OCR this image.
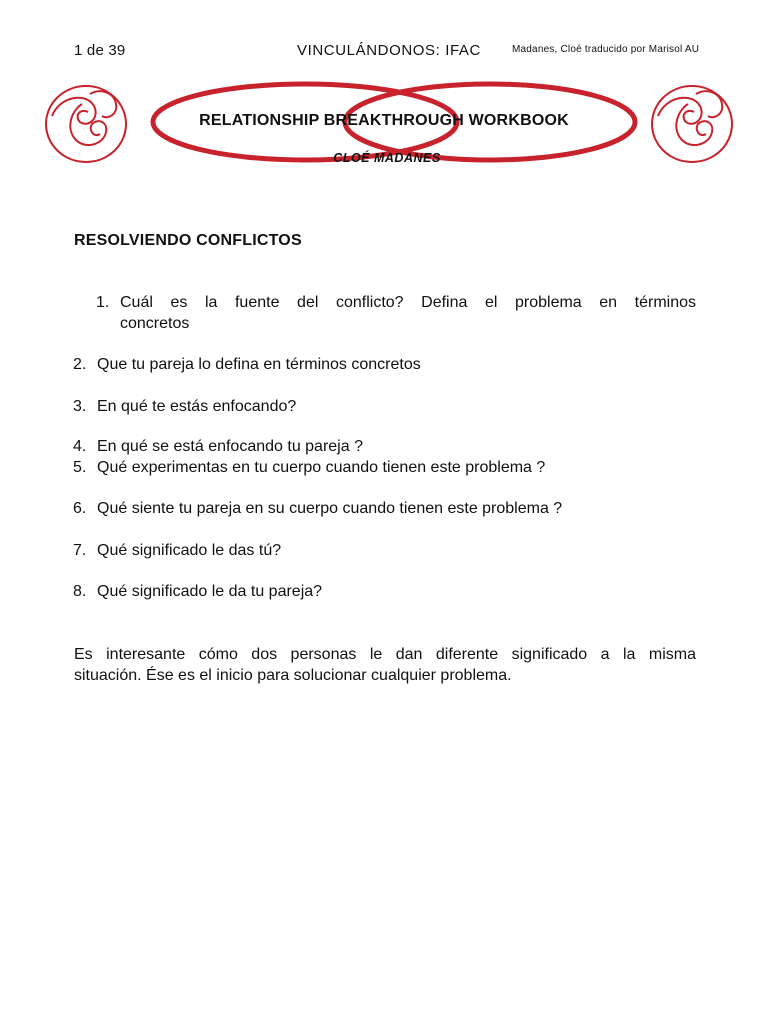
1 de 39	VINCULÁNDONOS: IFAC	Madanes, Cloé traducido por Marisol AU
RELATIONSHIP BREAKTHROUGH WORKBOOK
CLOÉ MADANES
RESOLVIENDO CONFLICTOS
1. Cuál es la fuente del conflicto? Defina el problema en términos
concretos
2. Que tu pareja lo defina en términos concretos
3. En qué te estás enfocando?
4. En qué se está enfocando tu pareja ?
5. Qué experimentas en tu cuerpo cuando tienen este problema ?
6. Qué siente tu pareja en su cuerpo cuando tienen este problema ?
7. Qué significado le das tú?
8. Qué significado le da tu pareja?
Es interesante cómo dos personas le dan diferente significado a la misma
situación. Ése es el inicio para solucionar cualquier problema.
